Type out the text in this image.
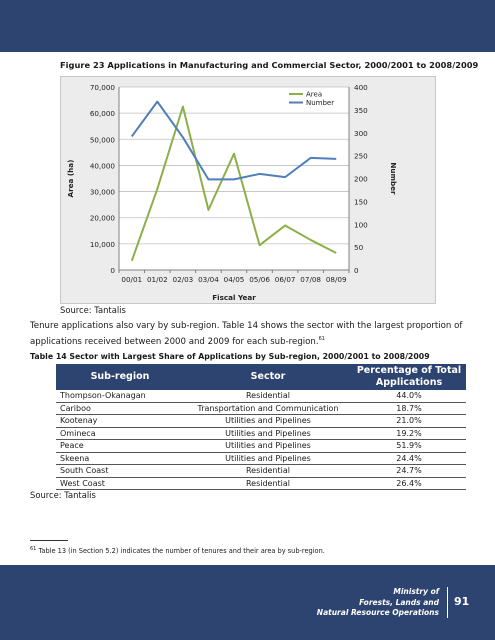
Figure 23 Applications in Manufacturing and Commercial Sector, 2000/2001 to 2008/2009
0
10,000
20,000
30,000
40,000
50,000
60,000
70,000
0
50
100
150
200
250
300
350
400
00/01 01/02 02/03 03/04 04/05 05/06 06/07 07/08 08/09
Fiscal Year
Area (ha)	Number
Area
Number
Source: Tantalis
Tenure applications also vary by sub-region. Table 14 shows the sector with the largest proportion of applications received between 2000 and 2009 for each sub-region.$^{61}$
Table 14 Sector with Largest Share of Applications by Sub-region, 2000/2001 to 2008/2009
Sub-region	Sector	Percentage of Total Applications
Thompson-Okanagan	Residential	44.0%
Cariboo	Transportation and Communication	18.7%
Kootenay	Utilities and Pipelines	21.0%
Omineca	Utilities and Pipelines	19.2%
Peace	Utilities and Pipelines	51.9%
Skeena	Utilities and Pipelines	24.4%
South Coast	Residential	24.7%
West Coast	Residential	26.4%
Source: Tantalis
$^{61}$ Table 13 (in Section 5.2) indicates the number of tenures and their area by sub-region.
Ministry of
Forests, Lands and
Natural Resource Operations
91
